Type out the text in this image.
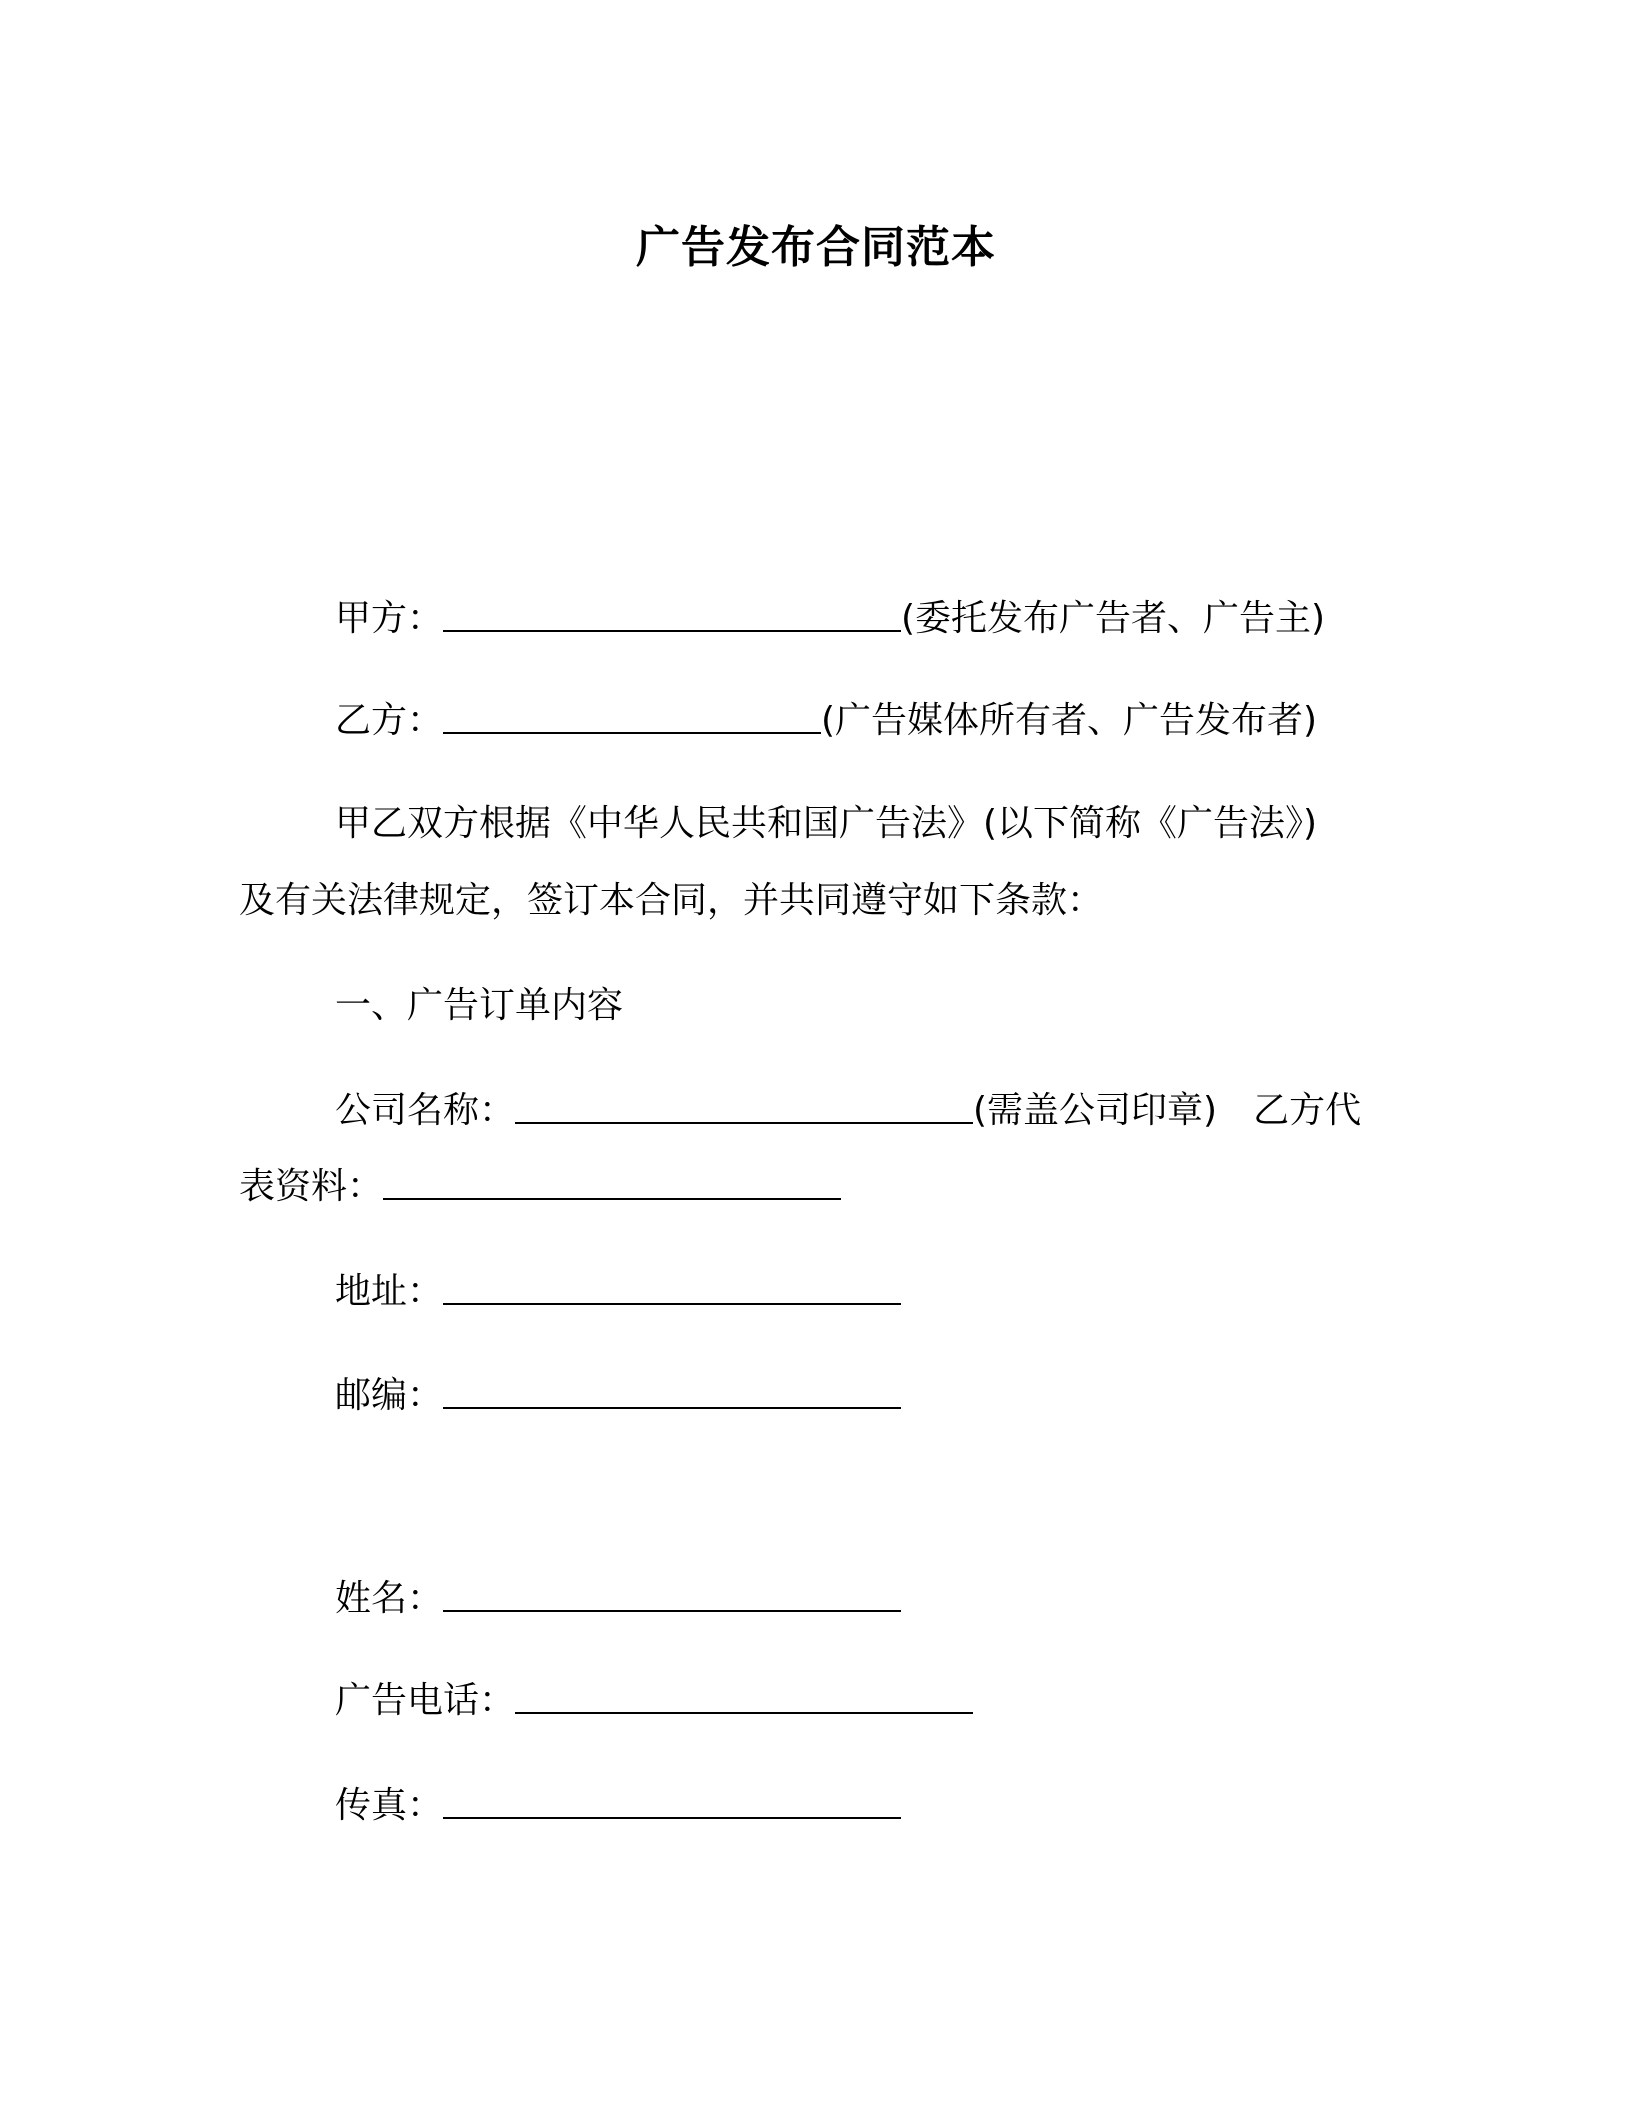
广告发布合同范本
甲方：	(委托发布广告者、广告主)
乙方：	(广告媒体所有者、广告发布者)
甲乙双方根据《中华人民共和国广告法》(以下简称《广告法》)
及有关法律规定，签订本合同，并共同遵守如下条款：
一、广告订单内容
公司名称：	(需盖公司印章)　乙方代
表资料：
地址：
邮编：
姓名：
广告电话：
传真：
